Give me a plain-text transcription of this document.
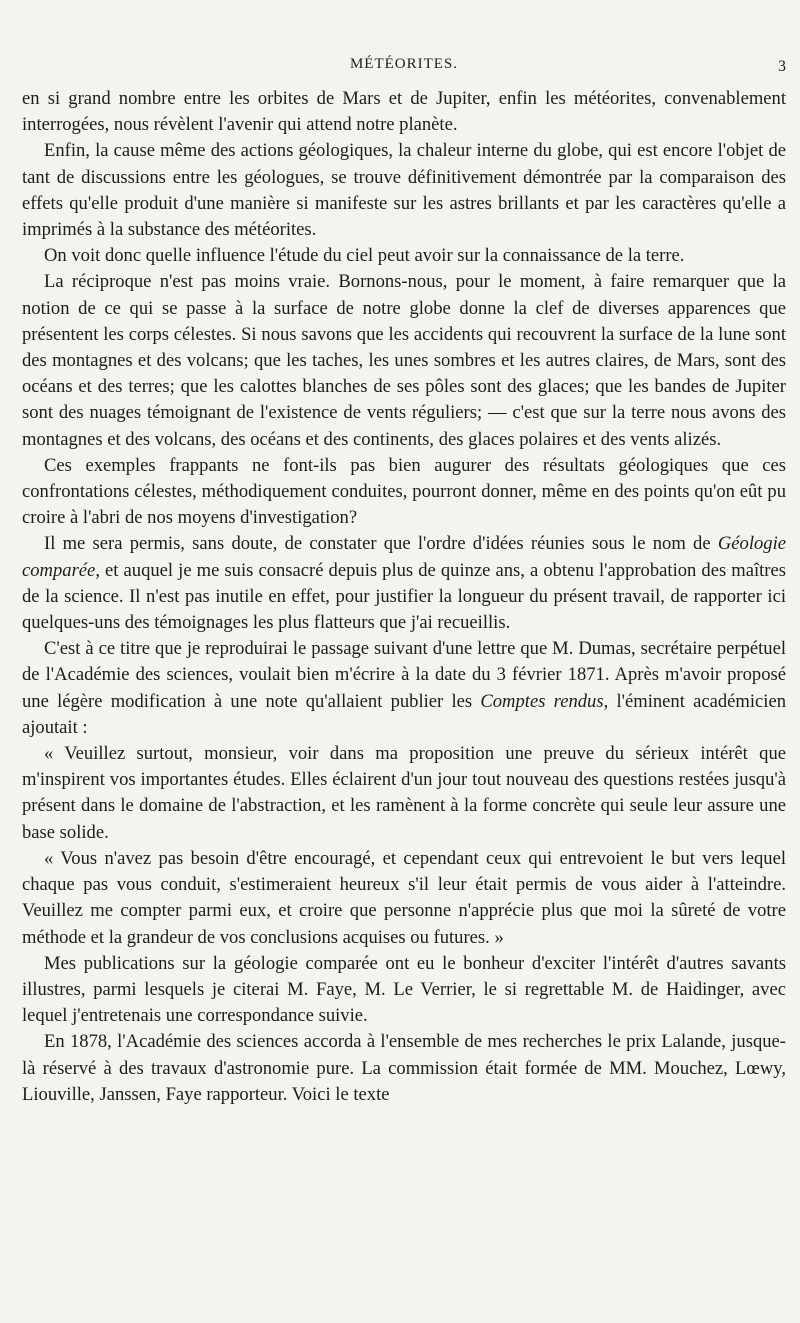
MÉTÉORITES.	3

en si grand nombre entre les orbites de Mars et de Jupiter, enfin les météorites, convenablement interrogées, nous révèlent l'avenir qui attend notre planète.

Enfin, la cause même des actions géologiques, la chaleur interne du globe, qui est encore l'objet de tant de discussions entre les géologues, se trouve définitivement démontrée par la comparaison des effets qu'elle produit d'une manière si manifeste sur les astres brillants et par les caractères qu'elle a imprimés à la substance des météorites.

On voit donc quelle influence l'étude du ciel peut avoir sur la connaissance de la terre.

La réciproque n'est pas moins vraie. Bornons-nous, pour le moment, à faire remarquer que la notion de ce qui se passe à la surface de notre globe donne la clef de diverses apparences que présentent les corps célestes. Si nous savons que les accidents qui recouvrent la surface de la lune sont des montagnes et des volcans; que les taches, les unes sombres et les autres claires, de Mars, sont des océans et des terres; que les calottes blanches de ses pôles sont des glaces; que les bandes de Jupiter sont des nuages témoignant de l'existence de vents réguliers; — c'est que sur la terre nous avons des montagnes et des volcans, des océans et des continents, des glaces polaires et des vents alizés.

Ces exemples frappants ne font-ils pas bien augurer des résultats géologiques que ces confrontations célestes, méthodiquement conduites, pourront donner, même en des points qu'on eût pu croire à l'abri de nos moyens d'investigation?

Il me sera permis, sans doute, de constater que l'ordre d'idées réunies sous le nom de Géologie comparée, et auquel je me suis consacré depuis plus de quinze ans, a obtenu l'approbation des maîtres de la science. Il n'est pas inutile en effet, pour justifier la longueur du présent travail, de rapporter ici quelques-uns des témoignages les plus flatteurs que j'ai recueillis.

C'est à ce titre que je reproduirai le passage suivant d'une lettre que M. Dumas, secrétaire perpétuel de l'Académie des sciences, voulait bien m'écrire à la date du 3 février 1871. Après m'avoir proposé une légère modification à une note qu'allaient publier les Comptes rendus, l'éminent académicien ajoutait :

« Veuillez surtout, monsieur, voir dans ma proposition une preuve du sérieux intérêt que m'inspirent vos importantes études. Elles éclairent d'un jour tout nouveau des questions restées jusqu'à présent dans le domaine de l'abstraction, et les ramènent à la forme concrète qui seule leur assure une base solide.

« Vous n'avez pas besoin d'être encouragé, et cependant ceux qui entrevoient le but vers lequel chaque pas vous conduit, s'estimeraient heureux s'il leur était permis de vous aider à l'atteindre. Veuillez me compter parmi eux, et croire que personne n'apprécie plus que moi la sûreté de votre méthode et la grandeur de vos conclusions acquises ou futures. »

Mes publications sur la géologie comparée ont eu le bonheur d'exciter l'intérêt d'autres savants illustres, parmi lesquels je citerai M. Faye, M. Le Verrier, le si regrettable M. de Haidinger, avec lequel j'entretenais une correspondance suivie.

En 1878, l'Académie des sciences accorda à l'ensemble de mes recherches le prix Lalande, jusque-là réservé à des travaux d'astronomie pure. La commission était formée de MM. Mouchez, Lœwy, Liouville, Janssen, Faye rapporteur. Voici le texte
